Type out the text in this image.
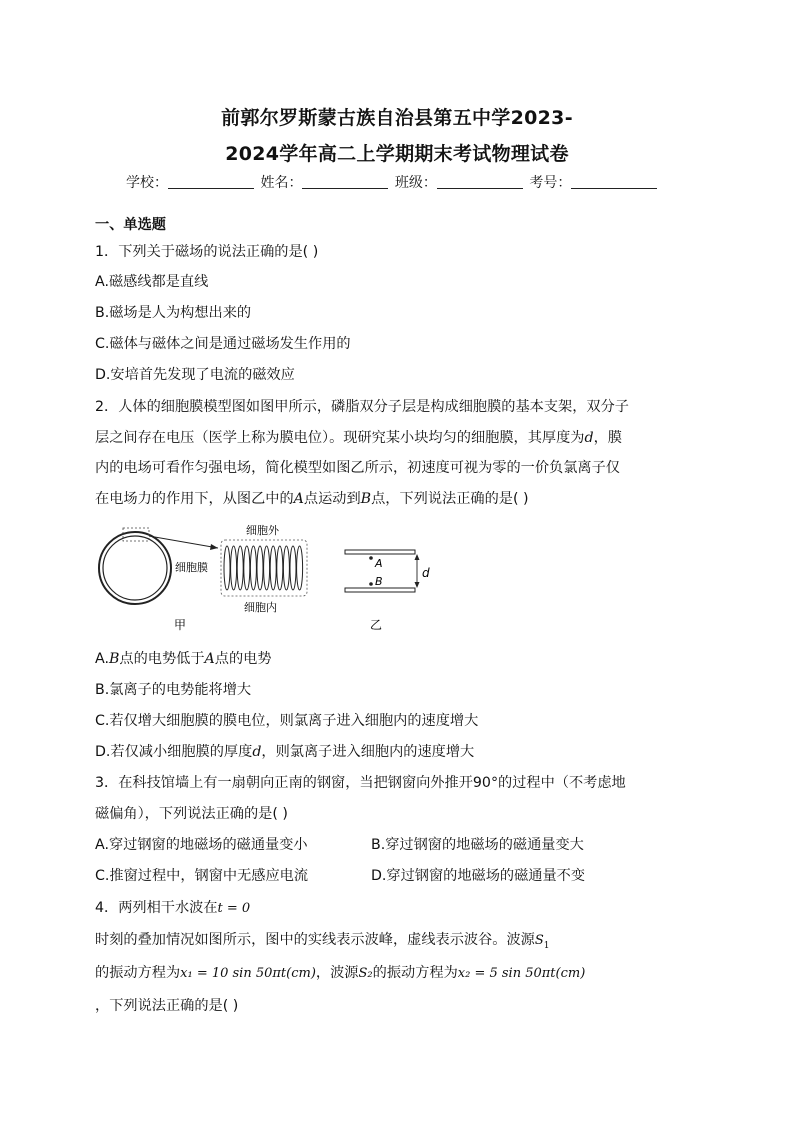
前郭尔罗斯蒙古族自治县第五中学2023-
2024学年高二上学期期末考试物理试卷
学校：	姓名：	班级：	考号：
一、单选题
1．下列关于磁场的说法正确的是( )
A.磁感线都是直线
B.磁场是人为构想出来的
C.磁体与磁体之间是通过磁场发生作用的
D.安培首先发现了电流的磁效应
2．人体的细胞膜模型图如图甲所示，磷脂双分子层是构成细胞膜的基本支架，双分子
层之间存在电压（医学上称为膜电位）。现研究某小块均匀的细胞膜，其厚度为d，膜
内的电场可看作匀强电场，简化模型如图乙所示，初速度可视为零的一价负氯离子仅
在电场力的作用下，从图乙中的A点运动到B点，下列说法正确的是( )
细胞外
细胞膜
细胞内
甲
A
B
d
乙
A.B点的电势低于A点的电势
B.氯离子的电势能将增大
C.若仅增大细胞膜的膜电位，则氯离子进入细胞内的速度增大
D.若仅减小细胞膜的厚度d，则氯离子进入细胞内的速度增大
3．在科技馆墙上有一扇朝向正南的钢窗，当把钢窗向外推开90°的过程中（不考虑地
磁偏角），下列说法正确的是( )
A.穿过钢窗的地磁场的磁通量变小	B.穿过钢窗的地磁场的磁通量变大
C.推窗过程中，钢窗中无感应电流	D.穿过钢窗的地磁场的磁通量不变
4．两列相干水波在t = 0
时刻的叠加情况如图所示，图中的实线表示波峰，虚线表示波谷。波源$S_1$
的振动方程为x₁ = 10 sin 50πt(cm)，波源S₂的振动方程为x₂ = 5 sin 50πt(cm)
，下列说法正确的是( )
